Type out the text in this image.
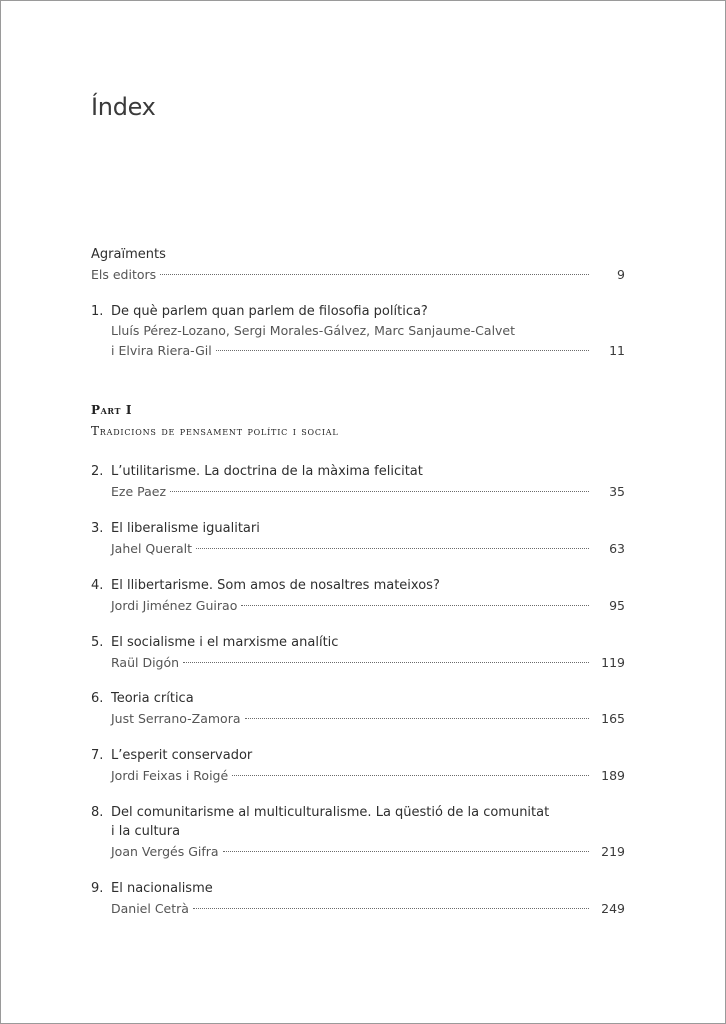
Índex
Agraïments
Els editors	9
1. De què parlem quan parlem de filosofia política?
Lluís Pérez-Lozano, Sergi Morales-Gálvez, Marc Sanjaume-Calvet
i Elvira Riera-Gil	11
Part I
Tradicions de pensament polític i social
2. L’utilitarisme. La doctrina de la màxima felicitat
Eze Paez	35
3. El liberalisme igualitari
Jahel Queralt	63
4. El llibertarisme. Som amos de nosaltres mateixos?
Jordi Jiménez Guirao	95
5. El socialisme i el marxisme analític
Raül Digón	119
6. Teoria crítica
Just Serrano-Zamora	165
7. L’esperit conservador
Jordi Feixas i Roigé	189
8. Del comunitarisme al multiculturalisme. La qüestió de la comunitat
i la cultura
Joan Vergés Gifra	219
9. El nacionalisme
Daniel Cetrà	249
